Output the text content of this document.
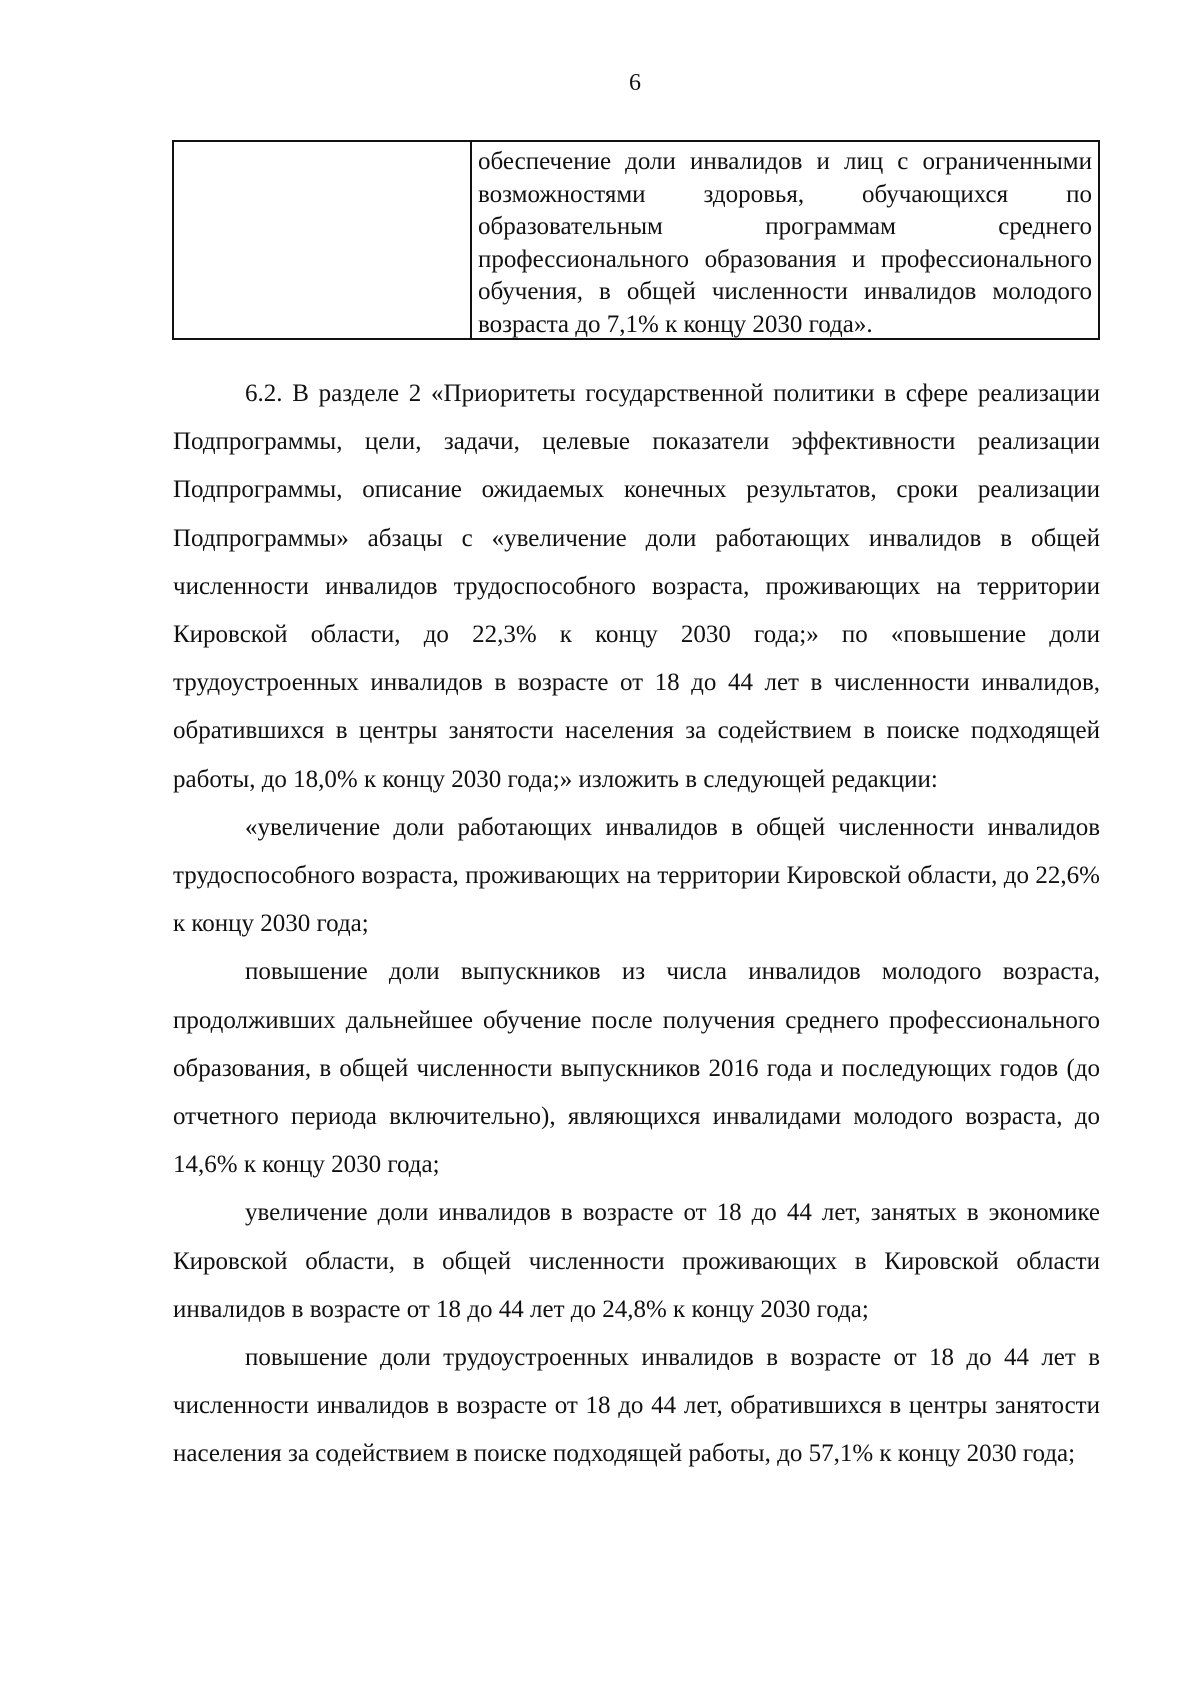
6
обеспечение доли инвалидов и лиц с ограниченными возможностями здоровья, обучающихся по образовательным программам среднего профессионального образования и профессионального обучения, в общей численности инвалидов молодого возраста до 7,1% к концу 2030 года».

6.2. В разделе 2 «Приоритеты государственной политики в сфере реализации Подпрограммы, цели, задачи, целевые показатели эффективности реализации Подпрограммы, описание ожидаемых конечных результатов, сроки реализации Подпрограммы» абзацы с «увеличение доли работающих инвалидов в общей численности инвалидов трудоспособного возраста, проживающих на территории Кировской области, до 22,3% к концу 2030 года;» по «повышение доли трудоустроенных инвалидов в возрасте от 18 до 44 лет в численности инвалидов, обратившихся в центры занятости населения за содействием в поиске подходящей работы, до 18,0% к концу 2030 года;» изложить в следующей редакции:

«увеличение доли работающих инвалидов в общей численности инвалидов трудоспособного возраста, проживающих на территории Кировской области, до 22,6% к концу 2030 года;

повышение доли выпускников из числа инвалидов молодого возраста, продолживших дальнейшее обучение после получения среднего профессионального образования, в общей численности выпускников 2016 года и последующих годов (до отчетного периода включительно), являющихся инвалидами молодого возраста, до 14,6% к концу 2030 года;

увеличение доли инвалидов в возрасте от 18 до 44 лет, занятых в экономике Кировской области, в общей численности проживающих в Кировской области инвалидов в возрасте от 18 до 44 лет до 24,8% к концу 2030 года;

повышение доли трудоустроенных инвалидов в возрасте от 18 до 44 лет в численности инвалидов в возрасте от 18 до 44 лет, обратившихся в центры занятости населения за содействием в поиске подходящей работы, до 57,1% к концу 2030 года;
